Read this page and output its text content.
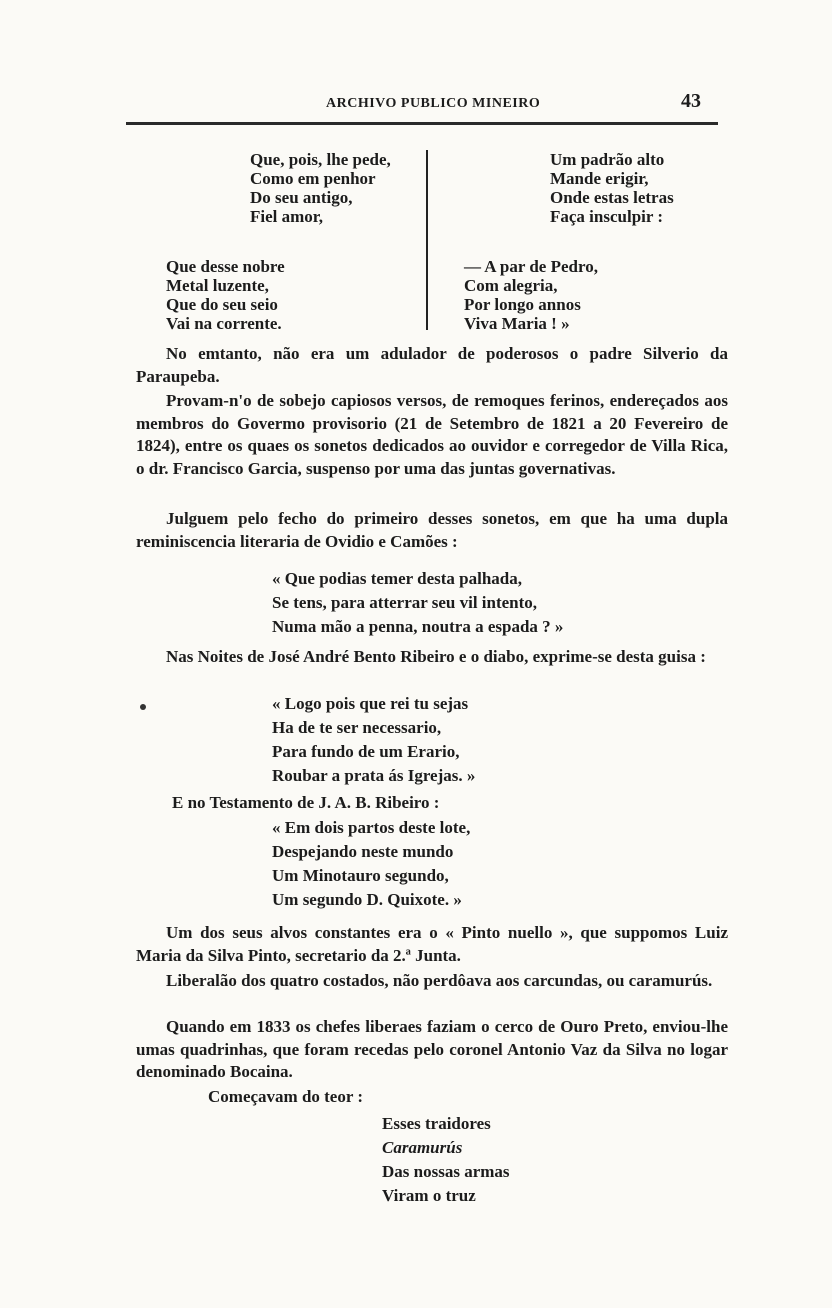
ARCHIVO PUBLICO MINEIRO	43
Que, pois, lhe pede,
Como em penhor
Do seu antigo,
Fiel amor,
Um padrão alto
Mande erigir,
Onde estas letras
Faça insculpir :
Que desse nobre
Metal luzente,
Que do seu seio
Vai na corrente.
— A par de Pedro,
Com alegria,
Por longo annos
Viva Maria ! »
No emtanto, não era um adulador de poderosos o padre Silverio da Paraupeba.
Provam-n'o de sobejo capiosos versos, de remoques ferinos, endereçados aos membros do Govermo provisorio (21 de Setembro de 1821 a 20 Fevereiro de 1824), entre os quaes os sonetos dedicados ao ouvidor e corregedor de Villa Rica, o dr. Francisco Garcia, suspenso por uma das juntas governativas.
Julguem pelo fecho do primeiro desses sonetos, em que ha uma dupla reminiscencia literaria de Ovidio e Camões :
« Que podias temer desta palhada,
Se tens, para atterrar seu vil intento,
Numa mão a penna, noutra a espada ? »
Nas Noites de José André Bento Ribeiro e o diabo, exprime-se desta guisa :
« Logo pois que rei tu sejas
Ha de te ser necessario,
Para fundo de um Erario,
Roubar a prata ás Igrejas. »
E no Testamento de J. A. B. Ribeiro :
« Em dois partos deste lote,
Despejando neste mundo
Um Minotauro segundo,
Um segundo D. Quixote. »
Um dos seus alvos constantes era o « Pinto nuello », que suppomos Luiz Maria da Silva Pinto, secretario da 2.ª Junta.
Liberalão dos quatro costados, não perdôava aos carcundas, ou caramurús.
Quando em 1833 os chefes liberaes faziam o cerco de Ouro Preto, enviou-lhe umas quadrinhas, que foram recedas pelo coronel Antonio Vaz da Silva no logar denominado Bocaina.
Começavam do teor :
Esses traidores
Caramurús
Das nossas armas
Viram o truz
